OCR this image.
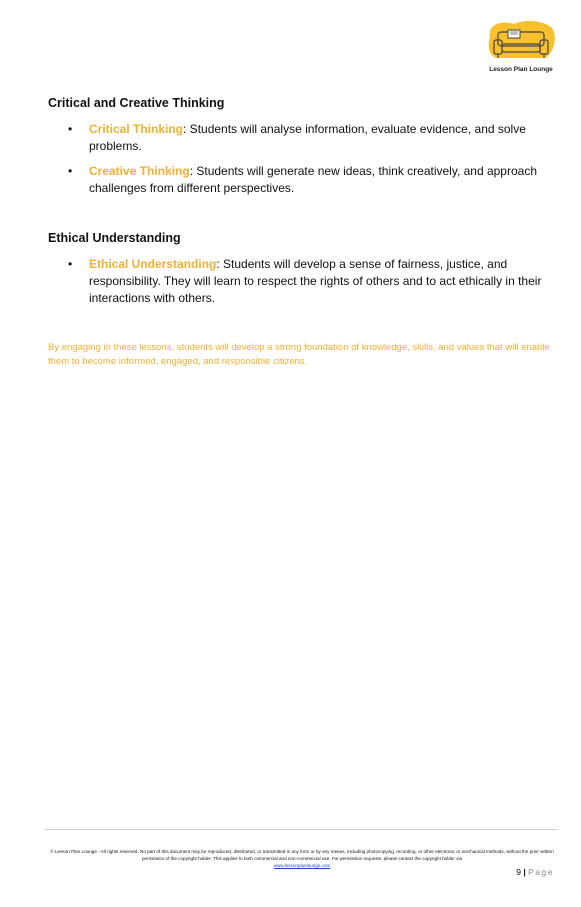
Lesson Plan Lounge
Critical and Creative Thinking
• Critical Thinking: Students will analyse information, evaluate evidence, and solve problems.
• Creative Thinking: Students will generate new ideas, think creatively, and approach challenges from different perspectives.
Ethical Understanding
• Ethical Understanding: Students will develop a sense of fairness, justice, and responsibility. They will learn to respect the rights of others and to act ethically in their interactions with others.
By engaging in these lessons, students will develop a strong foundation of knowledge, skills, and values that will enable them to become informed, engaged, and responsible citizens.
© Lesson Plan Lounge - All rights reserved. No part of this document may be reproduced, distributed, or transmitted in any form or by any means, including photocopying, recording, or other electronic or mechanical methods, without the prior written permission of the copyright holder. This applies to both commercial and non-commercial use. For permission requests, please contact the copyright holder via
www.lessonplanlounge.com
9 | Page
